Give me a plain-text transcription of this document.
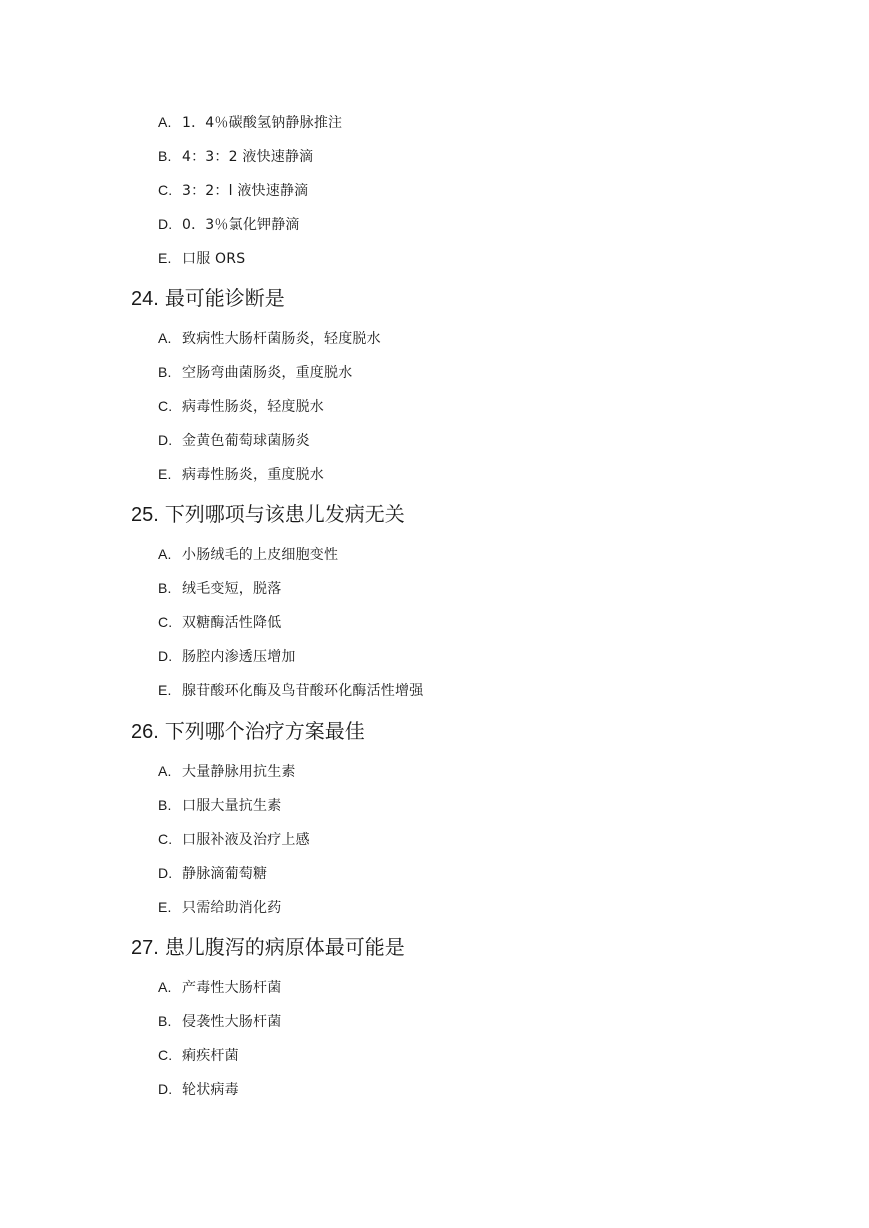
A. 1．4％碳酸氢钠静脉推注
B. 4：3：2 液快速静滴
C. 3：2：l 液快速静滴
D. 0．3％氯化钾静滴
E. 口服 ORS
24. 最可能诊断是
A. 致病性大肠杆菌肠炎，轻度脱水
B. 空肠弯曲菌肠炎，重度脱水
C. 病毒性肠炎，轻度脱水
D. 金黄色葡萄球菌肠炎
E. 病毒性肠炎，重度脱水
25. 下列哪项与该患儿发病无关
A. 小肠绒毛的上皮细胞变性
B. 绒毛变短，脱落
C. 双糖酶活性降低
D. 肠腔内渗透压增加
E. 腺苷酸环化酶及鸟苷酸环化酶活性增强
26. 下列哪个治疗方案最佳
A. 大量静脉用抗生素
B. 口服大量抗生素
C. 口服补液及治疗上感
D. 静脉滴葡萄糖
E. 只需给助消化药
27. 患儿腹泻的病原体最可能是
A. 产毒性大肠杆菌
B. 侵袭性大肠杆菌
C. 痢疾杆菌
D. 轮状病毒
